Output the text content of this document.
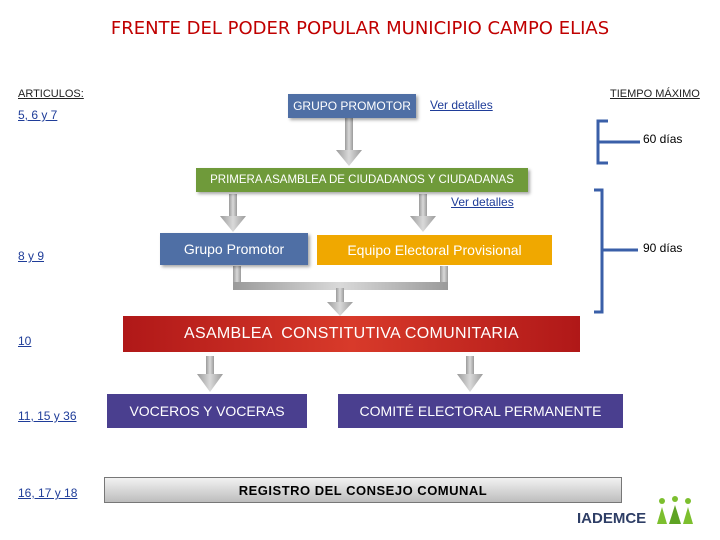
FRENTE DEL PODER POPULAR MUNICIPIO CAMPO ELIAS
ARTICULOS:	TIEMPO MÁXIMO
5, 6 y 7
8 y 9
10
11, 15 y 36
16, 17 y 18
GRUPO PROMOTOR Ver detalles
60 días
PRIMERA ASAMBLEA DE CIUDADANOS Y CIUDADANAS
Ver detalles
Grupo Promotor	Equipo Electoral Provisional	90 días
ASAMBLEA  CONSTITUTIVA COMUNITARIA
VOCEROS Y VOCERAS	COMITÉ ELECTORAL PERMANENTE
REGISTRO DEL CONSEJO COMUNAL
IADEMCE
